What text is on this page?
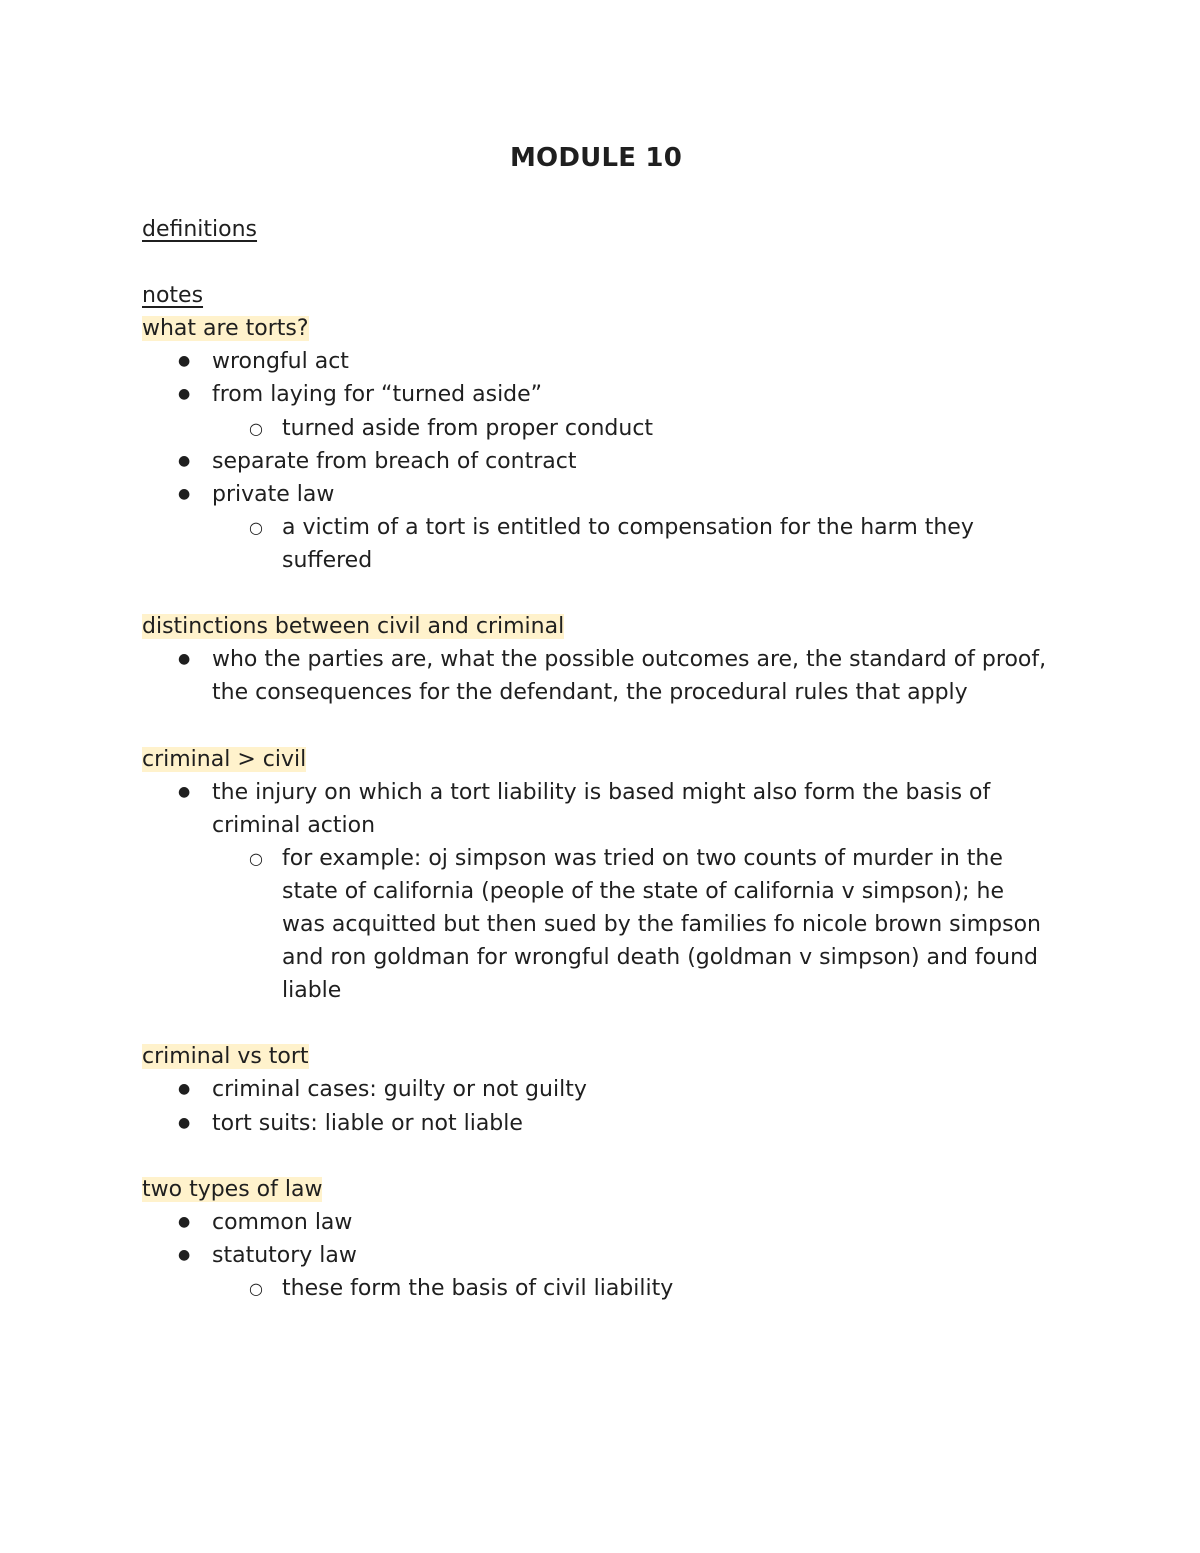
MODULE 10

definitions

notes

what are torts?

●
wrongful act
●
from laying for “turned aside”
○
turned aside from proper conduct
●
separate from breach of contract
●
private law
○
a victim of a tort is entitled to compensation for the harm they suffered

distinctions between civil and criminal

●
who the parties are, what the possible outcomes are, the standard of proof, the consequences for the defendant, the procedural rules that apply

criminal > civil

●
the injury on which a tort liability is based might also form the basis of criminal action
○
for example: oj simpson was tried on two counts of murder in the state of california (people of the state of california v simpson); he was acquitted but then sued by the families fo nicole brown simpson and ron goldman for wrongful death (goldman v simpson) and found liable

criminal vs tort

●
criminal cases: guilty or not guilty
●
tort suits: liable or not liable

two types of law

●
common law
●
statutory law
○
these form the basis of civil liability
